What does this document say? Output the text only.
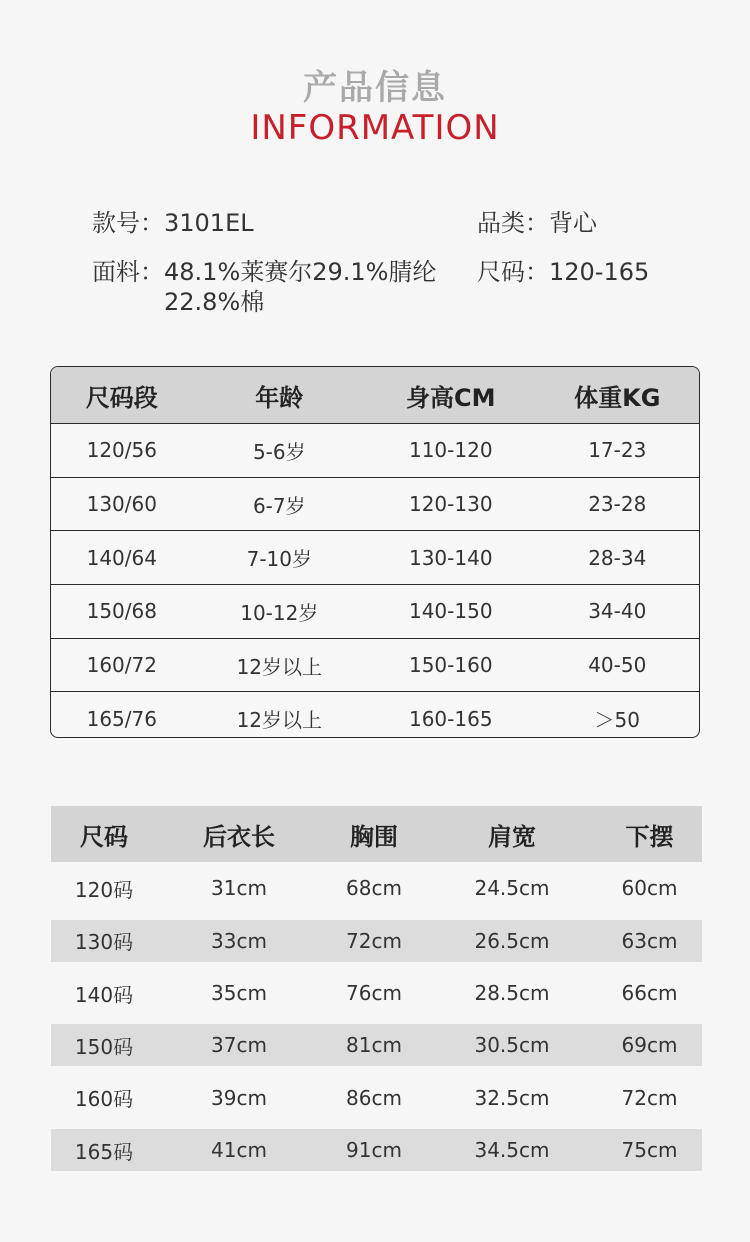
产品信息
INFORMATION
款号：3101EL	品类：背心
面料：48.1%莱赛尔29.1%腈纶22.8%棉
尺码：120-165
尺码段	年龄	身高CM	体重KG
120/56	5-6岁	110-120	17-23
130/60	6-7岁	120-130	23-28
140/64	7-10岁	130-140	28-34
150/68	10-12岁	140-150	34-40
160/72	12岁以上	150-160	40-50
165/76	12岁以上	160-165	＞50
尺码	后衣长	胸围	肩宽	下摆
120码	31cm	68cm	24.5cm	60cm
130码	33cm	72cm	26.5cm	63cm
140码	35cm	76cm	28.5cm	66cm
150码	37cm	81cm	30.5cm	69cm
160码	39cm	86cm	32.5cm	72cm
165码	41cm	91cm	34.5cm	75cm
